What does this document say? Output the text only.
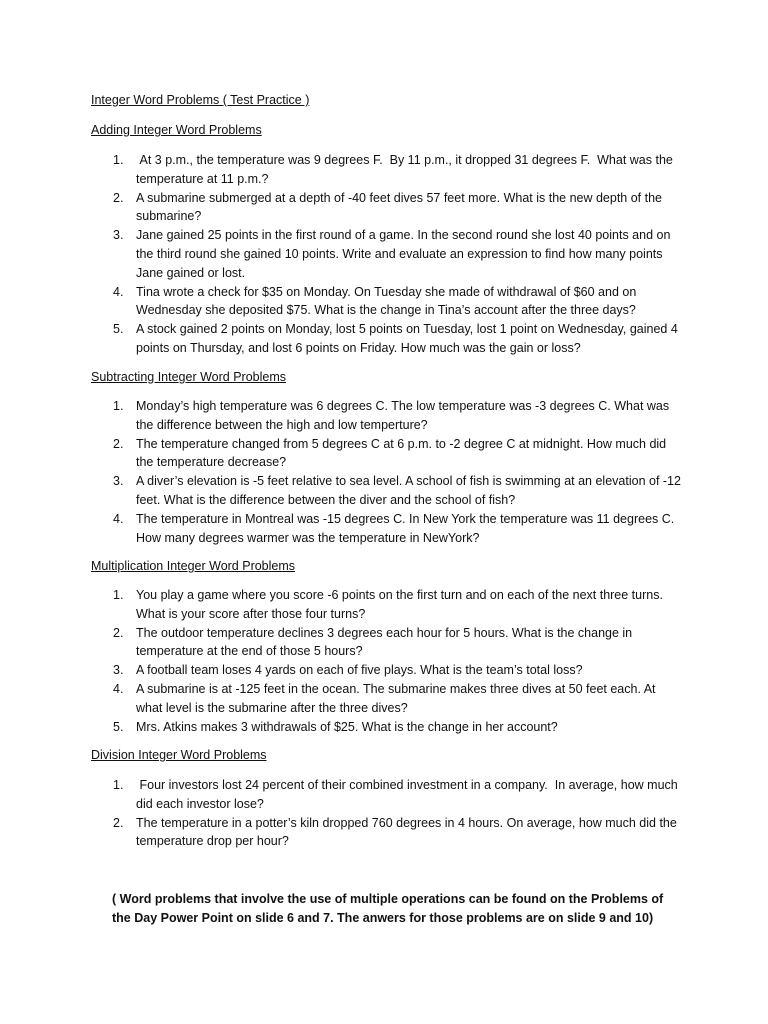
Integer Word Problems ( Test Practice )
Adding Integer Word Problems
1. At 3 p.m., the temperature was 9 degrees F.  By 11 p.m., it dropped 31 degrees F.  What was the temperature at 11 p.m.?
2. A submarine submerged at a depth of -40 feet dives 57 feet more. What is the new depth of the submarine?
3. Jane gained 25 points in the first round of a game. In the second round she lost 40 points and on the third round she gained 10 points. Write and evaluate an expression to find how many points Jane gained or lost.
4. Tina wrote a check for $35 on Monday. On Tuesday she made of withdrawal of $60 and on Wednesday she deposited $75. What is the change in Tina’s account after the three days?
5. A stock gained 2 points on Monday, lost 5 points on Tuesday, lost 1 point on Wednesday, gained 4 points on Thursday, and lost 6 points on Friday. How much was the gain or loss?
Subtracting Integer Word Problems
1. Monday’s high temperature was 6 degrees C. The low temperature was -3 degrees C. What was the difference between the high and low temperture?
2. The temperature changed from 5 degrees C at 6 p.m. to -2 degree C at midnight. How much did the temperature decrease?
3. A diver’s elevation is -5 feet relative to sea level. A school of fish is swimming at an elevation of -12 feet. What is the difference between the diver and the school of fish?
4. The temperature in Montreal was -15 degrees C. In New York the temperature was 11 degrees C. How many degrees warmer was the temperature in NewYork?
Multiplication Integer Word Problems
1. You play a game where you score -6 points on the first turn and on each of the next three turns. What is your score after those four turns?
2. The outdoor temperature declines 3 degrees each hour for 5 hours. What is the change in temperature at the end of those 5 hours?
3. A football team loses 4 yards on each of five plays. What is the team’s total loss?
4. A submarine is at -125 feet in the ocean. The submarine makes three dives at 50 feet each. At what level is the submarine after the three dives?
5. Mrs. Atkins makes 3 withdrawals of $25. What is the change in her account?
Division Integer Word Problems
1. Four investors lost 24 percent of their combined investment in a company.  In average, how much did each investor lose?
2. The temperature in a potter’s kiln dropped 760 degrees in 4 hours. On average, how much did the temperature drop per hour?
( Word problems that involve the use of multiple operations can be found on the Problems of the Day Power Point on slide 6 and 7. The anwers for those problems are on slide 9 and 10)
